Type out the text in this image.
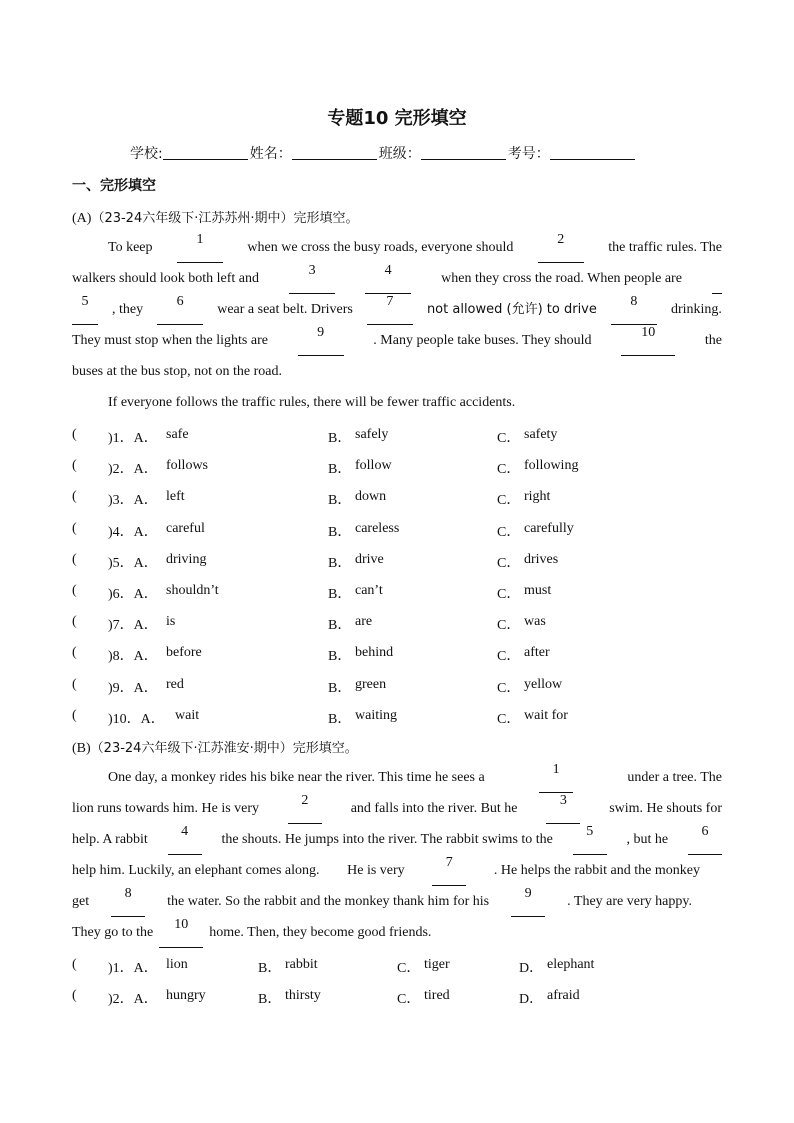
专题10 完形填空
学校:	姓名：	班级：	考号：
一、完形填空
(A)（23-24六年级下·江苏苏州·期中）完形填空。
To keep
1
when we cross the busy roads, everyone should
2
the traffic rules. The
walkers should look both left and
3	4
when they cross the road. When people are
5
, they
6
wear a seat belt. Drivers
7
not allowed (允许) to drive
8
drinking.
They must stop when the lights are
9
. Many people take buses. They should
10
the
buses at the bus stop, not on the road.
If everyone follows the traffic rules, there will be fewer traffic accidents.
( )1．A． safe	B． safely	C． safety
( )2．A． follows	B． follow	C． following
( )3．A． left	B． down	C． right
( )4．A． careful	B． careless	C． carefully
( )5．A． driving	B． drive	C． drives
( )6．A． shouldn’t	B． can’t	C． must
( )7．A． is	B． are	C． was
( )8．A． before	B． behind	C． after
( )9．A． red	B． green	C． yellow
( )10．A． wait	B． waiting	C． wait for
(B)（23-24六年级下·江苏淮安·期中）完形填空。
One day, a monkey rides his bike near the river. This time he sees a
1
under a tree. The
lion runs towards him. He is very
2
and falls into the river. But he
3
swim. He shouts for
help. A rabbit
4
the shouts. He jumps into the river. The rabbit swims to the
5
, but he
6
help him. Luckily, an elephant comes along. He is very
7
. He helps the rabbit and the monkey
get
8
the water. So the rabbit and the monkey thank him for his
9
. They are very happy.
They go to the
10
home. Then, they become good friends.
( )1．A． lion	B． rabbit	C． tiger	D． elephant
( )2．A． hungry	B． thirsty	C． tired	D． afraid
